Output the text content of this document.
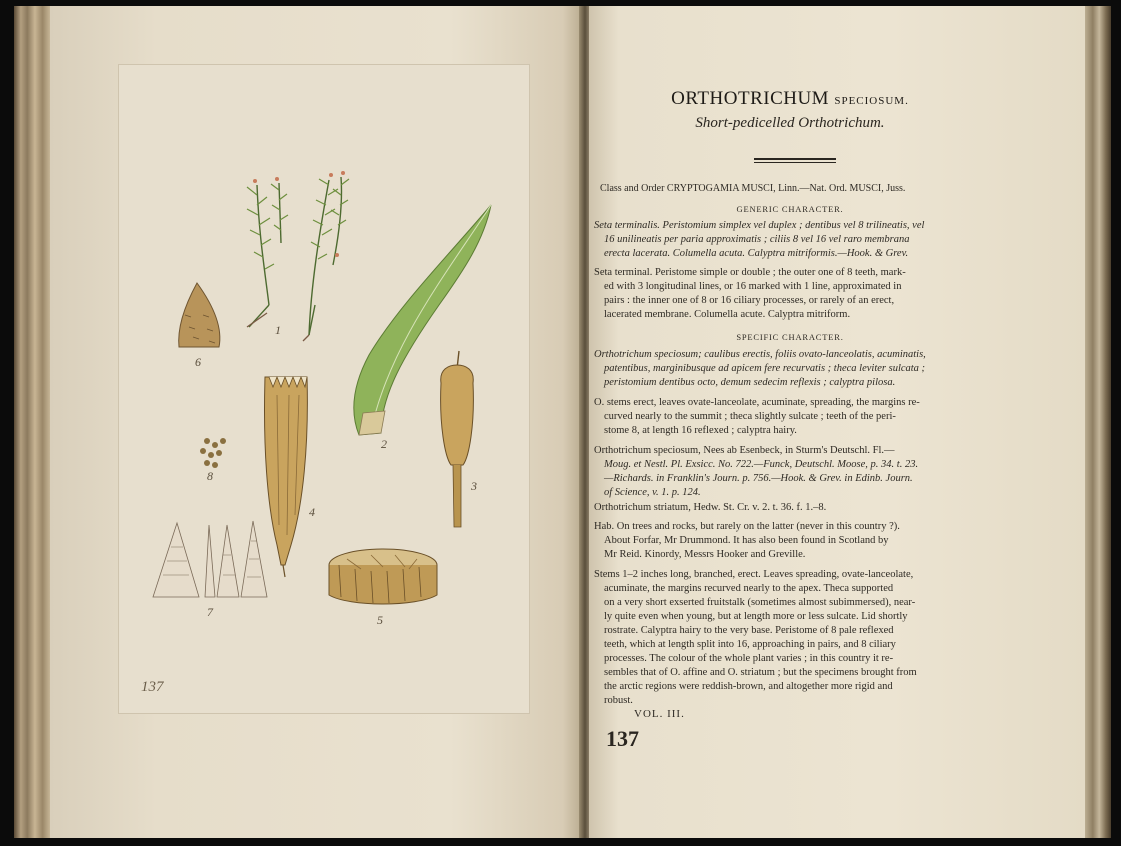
1
2
3
4
5
6
7
8
137
ORTHOTRICHUM SPECIOSUM.
Short-pedicelled Orthotrichum.
Class and Order CRYPTOGAMIA MUSCI, Linn.—Nat. Ord. MUSCI, Juss.
GENERIC CHARACTER.
Seta terminalis. Peristomium simplex vel duplex ; dentibus vel 8 trilineatis, vel
16 unilineatis per paria approximatis ; ciliis 8 vel 16 vel raro membrana
erecta lacerata. Columella acuta. Calyptra mitriformis.—Hook. & Grev.
Seta terminal. Peristome simple or double ; the outer one of 8 teeth, mark-
ed with 3 longitudinal lines, or 16 marked with 1 line, approximated in
pairs : the inner one of 8 or 16 ciliary processes, or rarely of an erect,
lacerated membrane. Columella acute. Calyptra mitriform.
SPECIFIC CHARACTER.
Orthotrichum speciosum; caulibus erectis, foliis ovato-lanceolatis, acuminatis,
patentibus, marginibusque ad apicem fere recurvatis ; theca leviter sulcata ;
peristomium dentibus octo, demum sedecim reflexis ; calyptra pilosa.
O. stems erect, leaves ovate-lanceolate, acuminate, spreading, the margins re-
curved nearly to the summit ; theca slightly sulcate ; teeth of the peri-
stome 8, at length 16 reflexed ; calyptra hairy.
Orthotrichum speciosum, Nees ab Esenbeck, in Sturm's Deutschl. Fl.—
Moug. et Nestl. Pl. Exsicc. No. 722.—Funck, Deutschl. Moose, p. 34. t. 23.
—Richards. in Franklin's Journ. p. 756.—Hook. & Grev. in Edinb. Journ.
of Science, v. 1. p. 124.
Orthotrichum striatum, Hedw. St. Cr. v. 2. t. 36. f. 1.–8.
Hab. On trees and rocks, but rarely on the latter (never in this country ?).
About Forfar, Mr Drummond. It has also been found in Scotland by
Mr Reid. Kinordy, Messrs Hooker and Greville.
Stems 1–2 inches long, branched, erect. Leaves spreading, ovate-lanceolate,
acuminate, the margins recurved nearly to the apex. Theca supported
on a very short exserted fruitstalk (sometimes almost subimmersed), near-
ly quite even when young, but at length more or less sulcate. Lid shortly
rostrate. Calyptra hairy to the very base. Peristome of 8 pale reflexed
teeth, which at length split into 16, approaching in pairs, and 8 ciliary
processes. The colour of the whole plant varies ; in this country it re-
sembles that of O. affine and O. striatum ; but the specimens brought from
the arctic regions were reddish-brown, and altogether more rigid and
robust.
VOL. III.
137
